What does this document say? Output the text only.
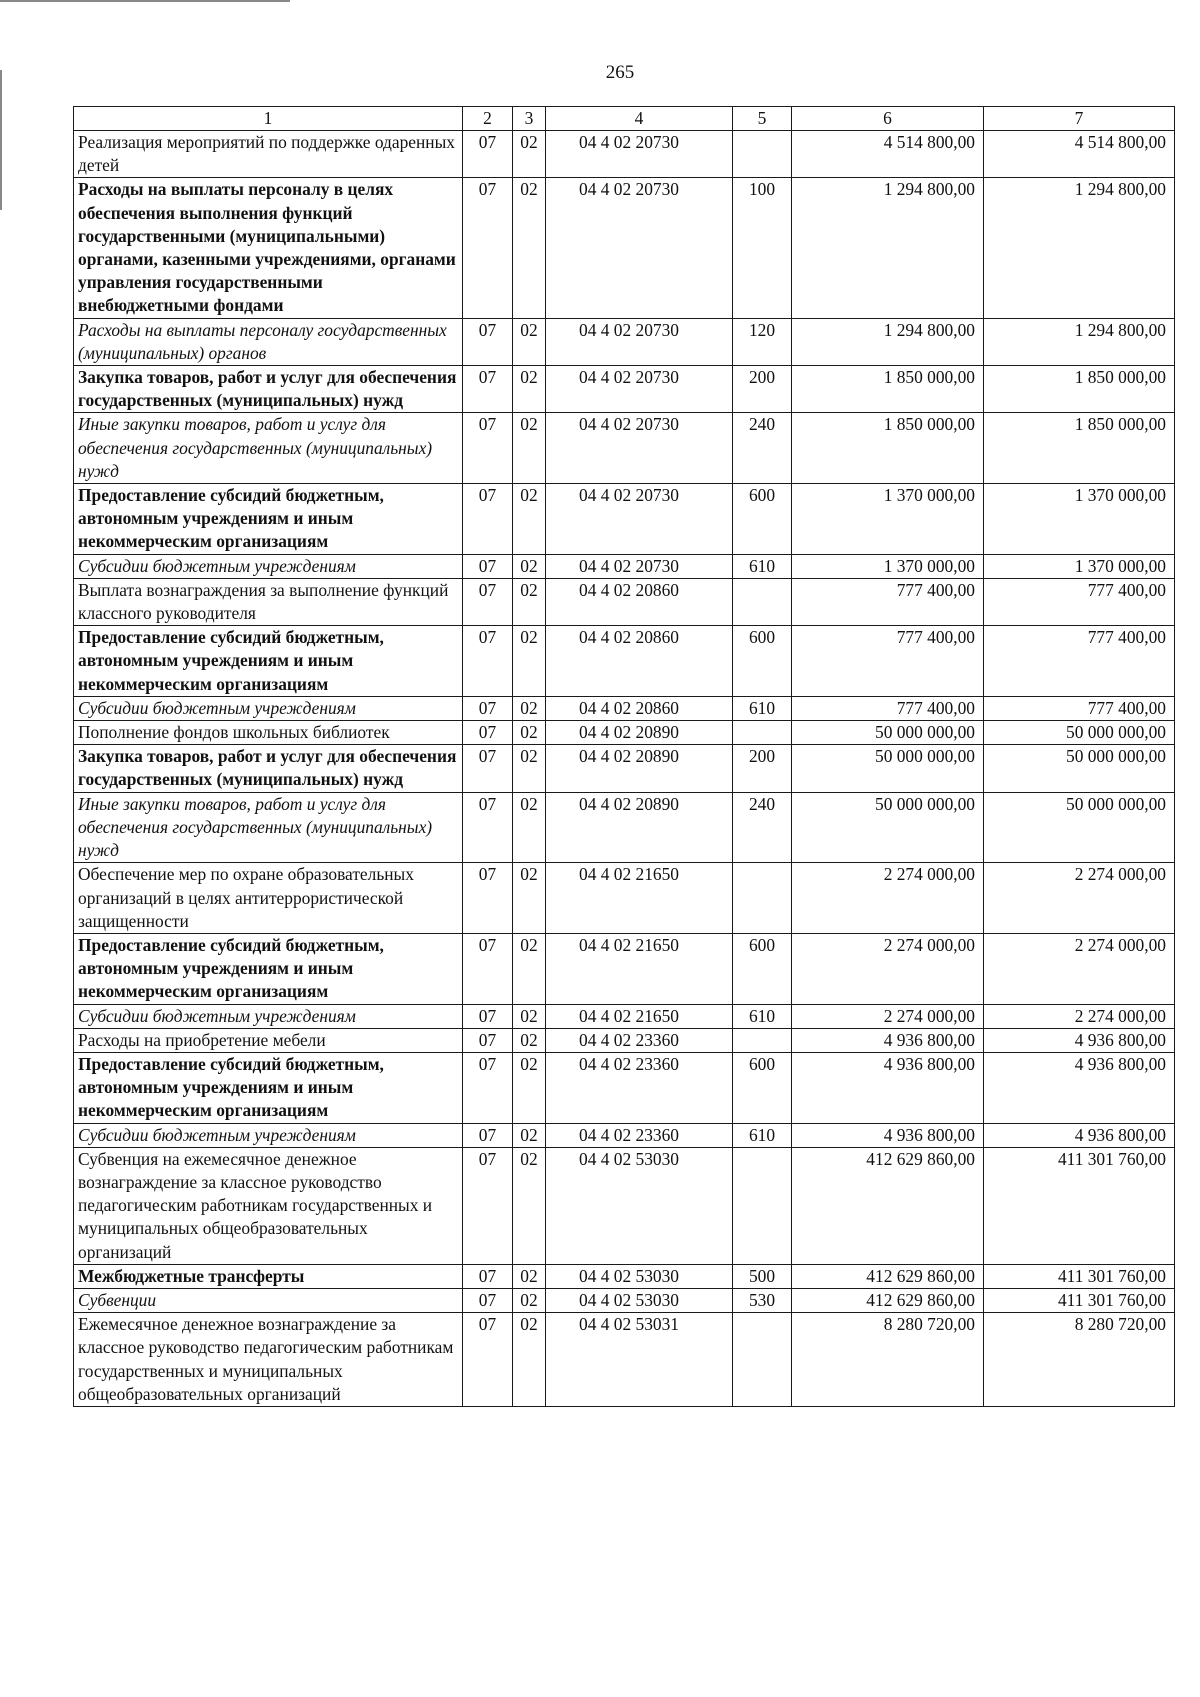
265
1	2	3	4	5	6	7
Реализация мероприятий по поддержке одаренных детей	07	02	04 4 02 20730		4 514 800,00	4 514 800,00
Расходы на выплаты персоналу в целях обеспечения выполнения функций государственными (муниципальными) органами, казенными учреждениями, органами управления государственными внебюджетными фондами	07	02	04 4 02 20730	100	1 294 800,00	1 294 800,00
Расходы на выплаты персоналу государственных (муниципальных) органов	07	02	04 4 02 20730	120	1 294 800,00	1 294 800,00
Закупка товаров, работ и услуг для обеспечения государственных (муниципальных) нужд	07	02	04 4 02 20730	200	1 850 000,00	1 850 000,00
Иные закупки товаров, работ и услуг для обеспечения государственных (муниципальных) нужд	07	02	04 4 02 20730	240	1 850 000,00	1 850 000,00
Предоставление субсидий бюджетным, автономным учреждениям и иным некоммерческим организациям	07	02	04 4 02 20730	600	1 370 000,00	1 370 000,00
Субсидии бюджетным учреждениям	07	02	04 4 02 20730	610	1 370 000,00	1 370 000,00
Выплата вознаграждения за выполнение функций классного руководителя	07	02	04 4 02 20860		777 400,00	777 400,00
Предоставление субсидий бюджетным, автономным учреждениям и иным некоммерческим организациям	07	02	04 4 02 20860	600	777 400,00	777 400,00
Субсидии бюджетным учреждениям	07	02	04 4 02 20860	610	777 400,00	777 400,00
Пополнение фондов школьных библиотек	07	02	04 4 02 20890		50 000 000,00	50 000 000,00
Закупка товаров, работ и услуг для обеспечения государственных (муниципальных) нужд	07	02	04 4 02 20890	200	50 000 000,00	50 000 000,00
Иные закупки товаров, работ и услуг для обеспечения государственных (муниципальных) нужд	07	02	04 4 02 20890	240	50 000 000,00	50 000 000,00
Обеспечение мер по охране образовательных организаций в целях антитеррористической защищенности	07	02	04 4 02 21650		2 274 000,00	2 274 000,00
Предоставление субсидий бюджетным, автономным учреждениям и иным некоммерческим организациям	07	02	04 4 02 21650	600	2 274 000,00	2 274 000,00
Субсидии бюджетным учреждениям	07	02	04 4 02 21650	610	2 274 000,00	2 274 000,00
Расходы на приобретение мебели	07	02	04 4 02 23360		4 936 800,00	4 936 800,00
Предоставление субсидий бюджетным, автономным учреждениям и иным некоммерческим организациям	07	02	04 4 02 23360	600	4 936 800,00	4 936 800,00
Субсидии бюджетным учреждениям	07	02	04 4 02 23360	610	4 936 800,00	4 936 800,00
Субвенция на ежемесячное денежное вознаграждение за классное руководство педагогическим работникам государственных и муниципальных общеобразовательных организаций	07	02	04 4 02 53030		412 629 860,00	411 301 760,00
Межбюджетные трансферты	07	02	04 4 02 53030	500	412 629 860,00	411 301 760,00
Субвенции	07	02	04 4 02 53030	530	412 629 860,00	411 301 760,00
Ежемесячное денежное вознаграждение за классное руководство педагогическим работникам государственных и муниципальных общеобразовательных организаций	07	02	04 4 02 53031		8 280 720,00	8 280 720,00
